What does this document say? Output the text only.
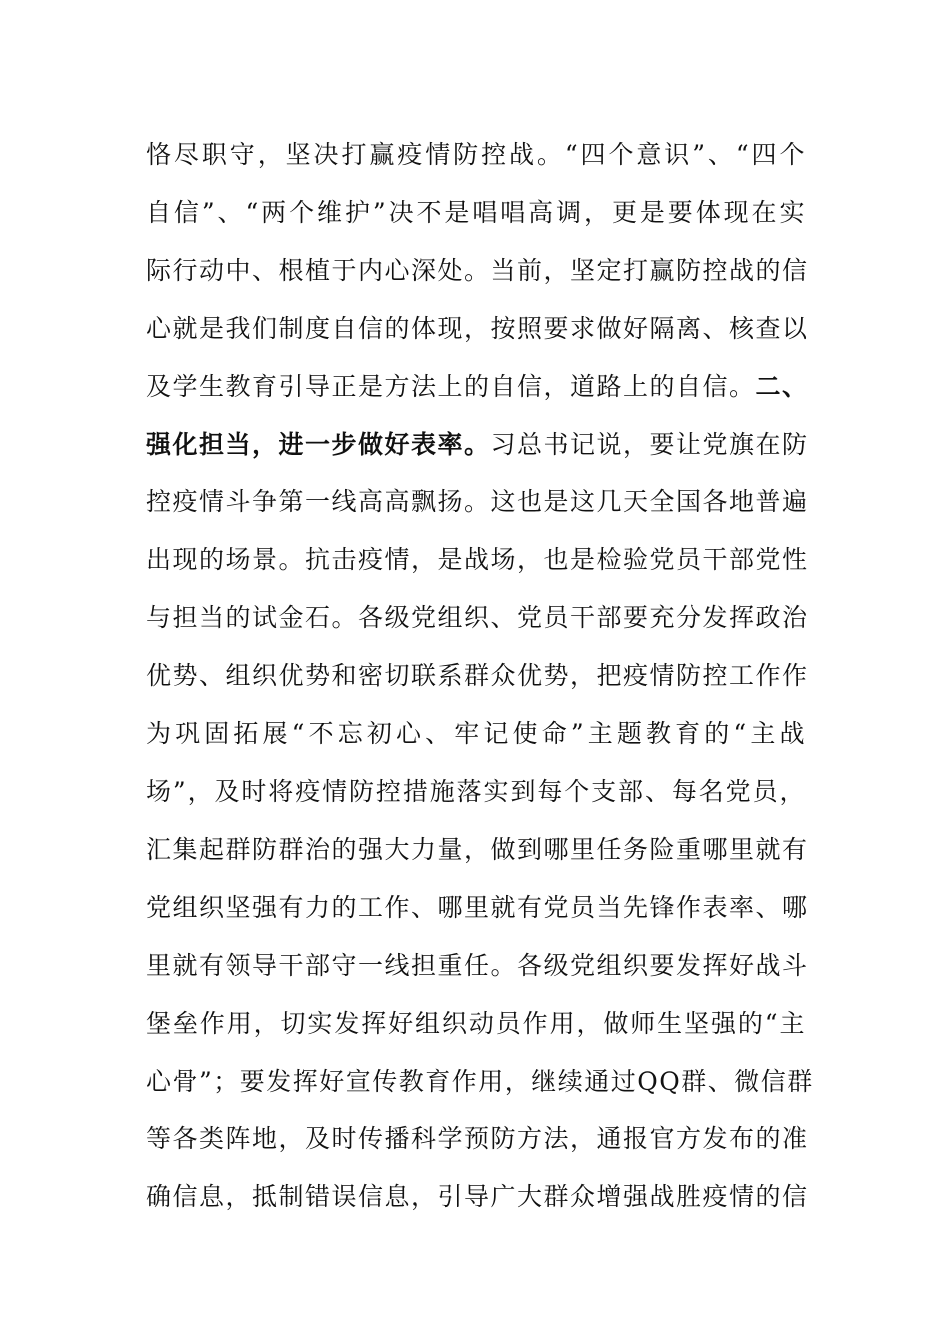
恪尽职守，坚决打赢疫情防控战。“四个意识”、“四个
自信”、“两个维护”决不是唱唱高调，更是要体现在实
际行动中、根植于内心深处。当前，坚定打赢防控战的信
心就是我们制度自信的体现，按照要求做好隔离、核查以
及学生教育引导正是方法上的自信，道路上的自信。二、
强化担当，进一步做好表率。习总书记说，要让党旗在防
控疫情斗争第一线高高飘扬。这也是这几天全国各地普遍
出现的场景。抗击疫情，是战场，也是检验党员干部党性
与担当的试金石。各级党组织、党员干部要充分发挥政治
优势、组织优势和密切联系群众优势，把疫情防控工作作
为巩固拓展“不忘初心、牢记使命”主题教育的“主战
场”，及时将疫情防控措施落实到每个支部、每名党员，
汇集起群防群治的强大力量，做到哪里任务险重哪里就有
党组织坚强有力的工作、哪里就有党员当先锋作表率、哪
里就有领导干部守一线担重任。各级党组织要发挥好战斗
堡垒作用，切实发挥好组织动员作用，做师生坚强的“主
心骨”；要发挥好宣传教育作用，继续通过QQ群、微信群
等各类阵地，及时传播科学预防方法，通报官方发布的准
确信息，抵制错误信息，引导广大群众增强战胜疫情的信
